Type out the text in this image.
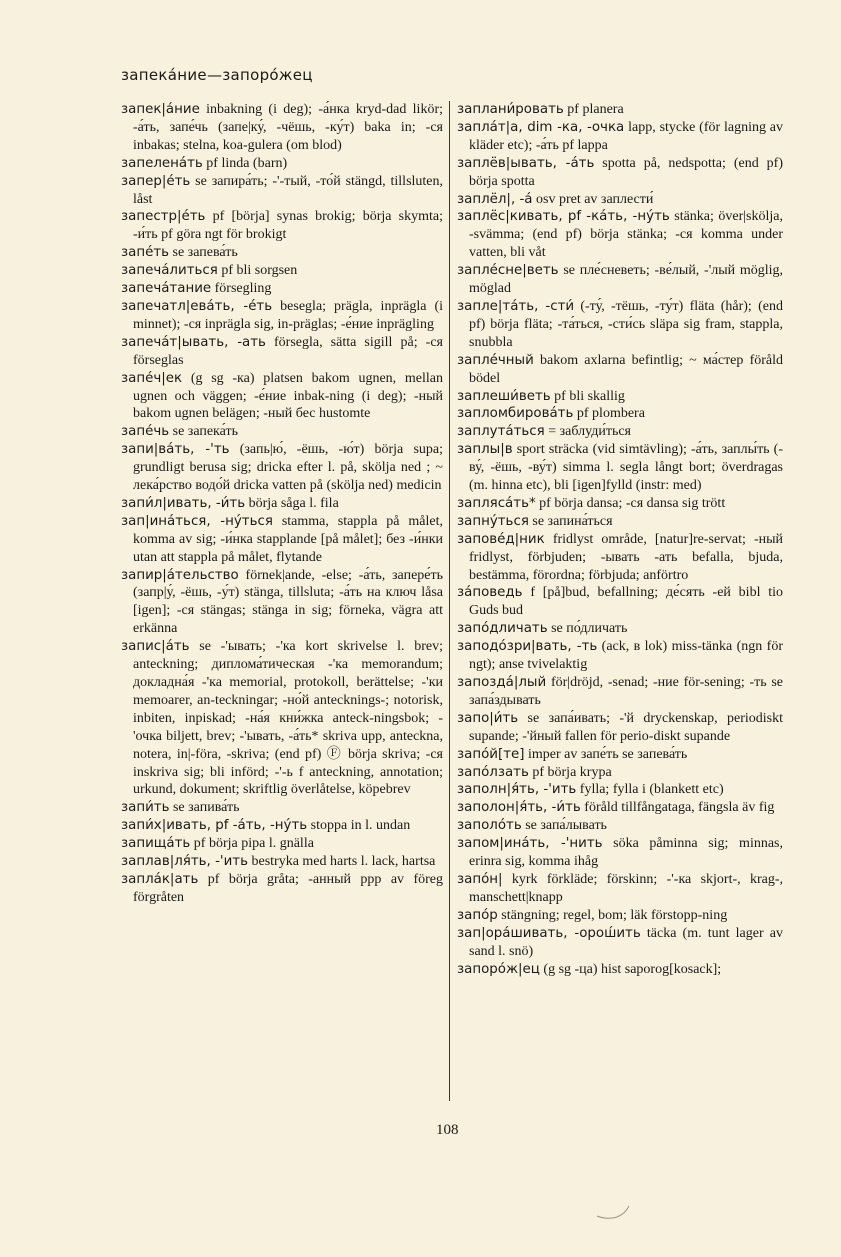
запека́ние—запоро́жец

запек|а́ние inbakning (i deg); -а́нка kryd-dad likör; -а́ть, запе́чь (запе|ку́, -чёшь, -ку́т) baka in; -ся inbakas; stelna, koa-gulera (om blod)

запелена́ть pf linda (barn)

запер|е́ть se запира́ть; -'-тый, -то́й stängd, tillsluten, låst

запестр|е́ть pf [börja] synas brokig; börja skymta; -и́ть pf göra ngt för brokigt

запе́ть se запева́ть

запеча́литься pf bli sorgsen

запеча́тание försegling

запечатл|ева́ть, -е́ть besegla; prägla, inprägla (i minnet); -ся inprägla sig, in-präglas; -е́ние inprägling

запеча́т|ывать, -ать försegla, sätta sigill på; -ся förseglas

запе́ч|ек (g sg -ка) platsen bakom ugnen, mellan ugnen och väggen; -е́ние inbak-ning (i deg); -ный bakom ugnen belägen; -ный бес hustomte

запе́чь se запека́ть

запи|ва́ть, -'ть (запь|ю́, -ёшь, -ю́т) börja supa; grundligt berusa sig; dricka efter l. på, skölja ned ; ~ лека́рство водо́й dricka vatten på (skölja ned) medicin

запи́л|ивать, -и́ть börja såga l. fila

зап|ина́ться, -ну́ться stamma, stappla på målet, komma av sig; -и́нка stapplande [på målet]; без -и́нки utan att stappla på målet, flytande

запир|а́тельство förnek|ande, -else; -а́ть, запере́ть (запр|у́, -ёшь, -у́т) stänga, tillsluta; -а́ть на ключ låsa [igen]; -ся stängas; stänga in sig; förneka, vägra att erkänna

запис|а́ть se -'ывать; -'ка kort skrivelse l. brev; anteckning; диплома́тическая -'ка memorandum; докладна́я -'ка memorial, protokoll, berättelse; -'ки memoarer, an-teckningar; -но́й antecknings-; notorisk, inbiten, inpiskad; -на́я кни́жка anteck-ningsbok; -'очка biljett, brev; -'ывать, -а́ть* skriva upp, anteckna, notera, in|-föra, -skriva; (end pf) Ⓕ börja skriva; -ся inskriva sig; bli införd; -'-ь f anteckning, annotation; urkund, dokument; skriftlig överlåtelse, köpebrev

запи́ть se запива́ть

запи́х|ивать, pf -а́ть, -ну́ть stoppa in l. undan

запища́ть pf börja pipa l. gnälla

заплав|ля́ть, -'ить bestryka med harts l. lack, hartsa

запла́к|ать pf börja gråta; -анный ppp av föreg förgråten

заплани́ровать pf planera

запла́т|а, dim -ка, -очка lapp, stycke (för lagning av kläder etc); -а́ть pf lappa

заплёв|ывать, -а́ть spotta på, nedspotta; (end pf) börja spotta

заплёл|, -а́ osv pret av заплести́

заплёс|кивать, pf -ка́ть, -ну́ть stänka; över|skölja, -svämma; (end pf) börja stänka; -ся komma under vatten, bli våt

запле́сне|веть se пле́сневеть; -ве́лый, -'лый möglig, möglad

запле|та́ть, -сти́ (-ту́, -тёшь, -ту́т) fläta (hår); (end pf) börja fläta; -та́ться, -сти́сь släpa sig fram, stappla, snubbla

запле́чный bakom axlarna befintlig; ~ ма́стер föråld bödel

заплеши́веть pf bli skallig

запломбирова́ть pf plombera

заплута́ться = заблуди́ться

заплы|в sport sträcka (vid simtävling); -а́ть, заплы́ть (-ву́, -ёшь, -ву́т) simma l. segla långt bort; överdragas (m. hinna etc), bli [igen]fylld (instr: med)

запляса́ть* pf börja dansa; -ся dansa sig trött

запну́ться se запина́ться

запове́д|ник fridlyst område, [natur]re-servat; -ный fridlyst, förbjuden; -ывать -ать befalla, bjuda, bestämma, förordna; förbjuda; anförtro

за́поведь f [på]bud, befallning; де́сять -ей bibl tio Guds bud

запо́дличать se по́дличать

заподо́зри|вать, -ть (ack, в lok) miss-tänka (ngn för ngt); anse tvivelaktig

запозда́|лый för|dröjd, -senad; -ние för-sening; -ть se запа́здывать

запо|и́ть se запа́ивать; -'й dryckenskap, periodiskt supande; -'йный fallen för perio-diskt supande

запо́й[те] imper av запе́ть se запева́ть

запо́лзать pf börja krypa

заполн|я́ть, -'ить fylla; fylla i (blankett etc)

заполон|я́ть, -и́ть föråld tillfångataga, fängsla äv fig

заполо́ть se запа́лывать

запом|ина́ть, -'нить söka påminna sig; minnas, erinra sig, komma ihåg

запо́н| kyrk förkläde; förskinn; -'-ка skjort-, krag-, manschett|knapp

запо́р stängning; regel, bom; läk förstopp-ning

зап|ора́шивать, -орош́ить täcka (m. tunt lager av sand l. snö)

запоро́ж|ец (g sg -ца) hist saporog[kosack];

108
